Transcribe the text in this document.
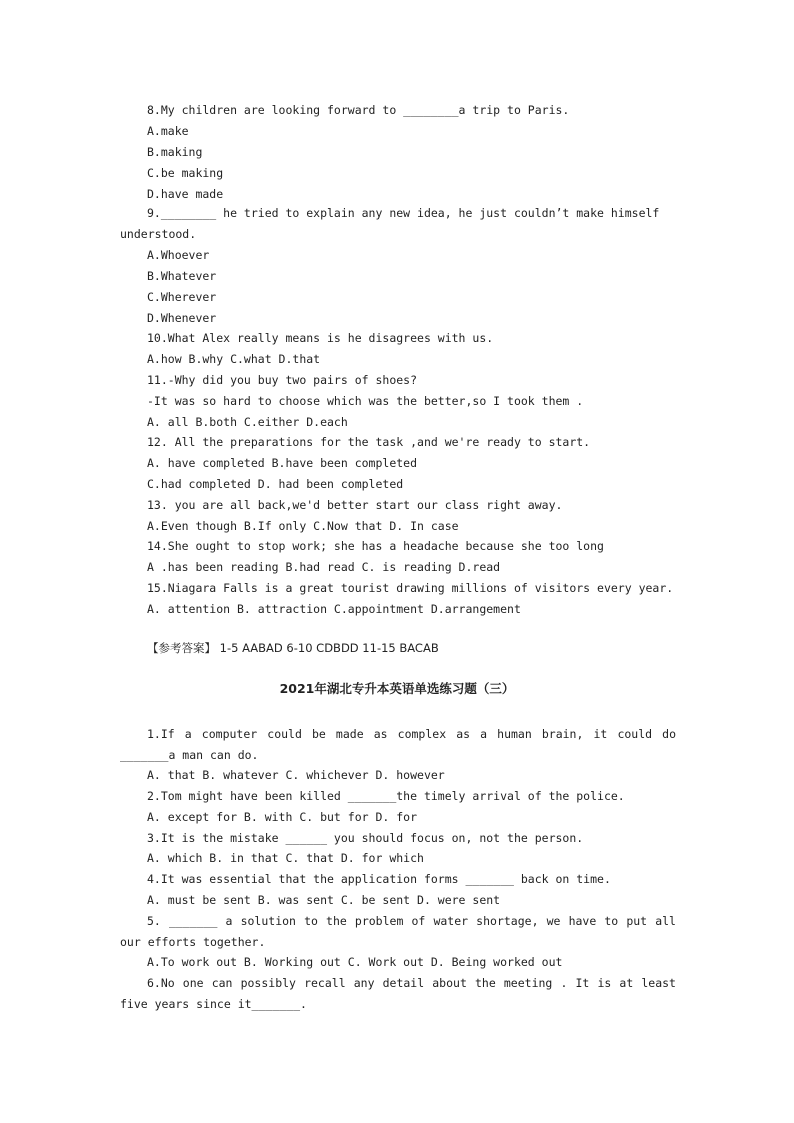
8.My children are looking forward to ________a trip to Paris.
A.make
B.making
C.be making
D.have made
9.________ he tried to explain any new idea, he just couldn’t make himself
understood.
A.Whoever
B.Whatever
C.Wherever
D.Whenever
10.What Alex really means is he disagrees with us.
A.how B.why C.what D.that
11.-Why did you buy two pairs of shoes?
-It was so hard to choose which was the better,so I took them .
A. all B.both C.either D.each
12. All the preparations for the task ,and we're ready to start.
A. have completed B.have been completed
C.had completed D. had been completed
13. you are all back,we'd better start our class right away.
A.Even though B.If only C.Now that D. In case
14.She ought to stop work; she has a headache because she too long
A .has been reading B.had read C. is reading D.read
15.Niagara Falls is a great tourist drawing millions of visitors every year.
A. attention B. attraction C.appointment D.arrangement
【参考答案】 1-5 AABAD 6-10 CDBDD 11-15 BACAB
2021年湖北专升本英语单选练习题（三）
1.If a computer could be made as complex as a human brain, it could do
_______a man can do.
A. that B. whatever C. whichever D. however
2.Tom might have been killed _______the timely arrival of the police.
A. except for B. with C. but for D. for
3.It is the mistake ______ you should focus on, not the person.
A. which B. in that C. that D. for which
4.It was essential that the application forms _______ back on time.
A. must be sent B. was sent C. be sent D. were sent
5. _______ a solution to the problem of water shortage, we have to put all
our efforts together.
A.To work out B. Working out C. Work out D. Being worked out
6.No one can possibly recall any detail about the meeting . It is at least
five years since it_______.
